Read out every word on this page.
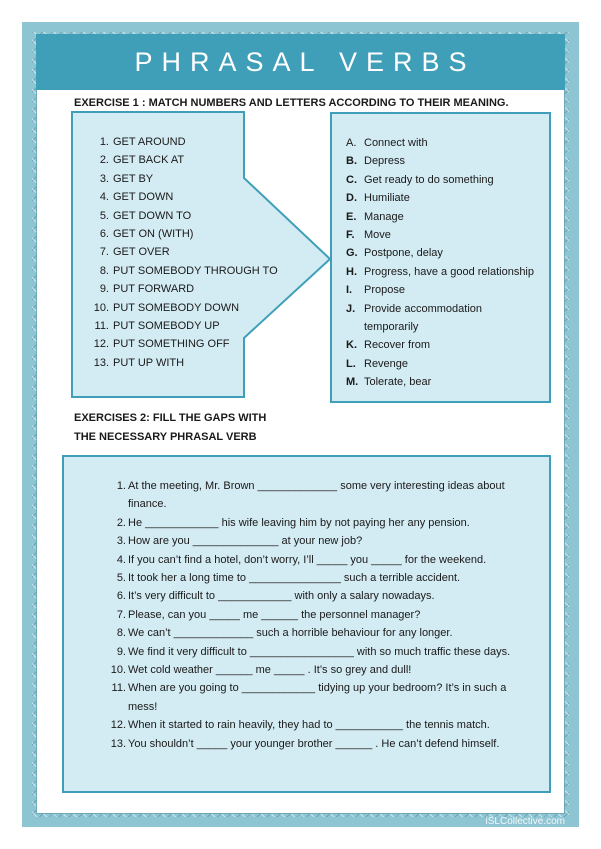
PHRASAL VERBS
EXERCISE 1 : MATCH NUMBERS AND LETTERS ACCORDING TO THEIR MEANING.
1. GET AROUND
2. GET BACK AT
3. GET BY
4. GET DOWN
5. GET DOWN TO
6. GET ON (WITH)
7. GET OVER
8. PUT SOMEBODY THROUGH TO
9. PUT FORWARD
10. PUT SOMEBODY DOWN
11. PUT SOMEBODY UP
12. PUT SOMETHING OFF
13. PUT UP WITH
A. Connect with
B. Depress
C. Get ready to do something
D. Humiliate
E. Manage
F. Move
G. Postpone, delay
H. Progress, have a good relationship
I.	Propose
J. Provide accommodation
temporarily
K. Recover from
L. Revenge
M. Tolerate, bear
EXERCISES 2: FILL THE GAPS WITH
THE NECESSARY PHRASAL VERB
1. At the meeting, Mr. Brown _____________ some very interesting ideas about finance.
2. He ____________ his wife leaving him by not paying her any pension.
3. How are you ______________ at your new job?
4. If you can’t find a hotel, don’t worry, I’ll _____ you _____ for the weekend.
5. It took her a long time to _______________ such a terrible accident.
6. It’s very difficult to ____________ with only a salary nowadays.
7. Please, can you _____ me ______ the personnel manager?
8. We can’t _____________ such a horrible behaviour for any longer.
9. We find it very difficult to _________________ with so much traffic these days.
10. Wet cold weather ______ me _____ . It’s so grey and dull!
11. When are you going to ____________ tidying up your bedroom? It’s in such a mess!
12. When it started to rain heavily, they had to ___________ the tennis match.
13. You shouldn’t _____ your younger brother ______ . He can’t defend himself.
iSLCollective.com
